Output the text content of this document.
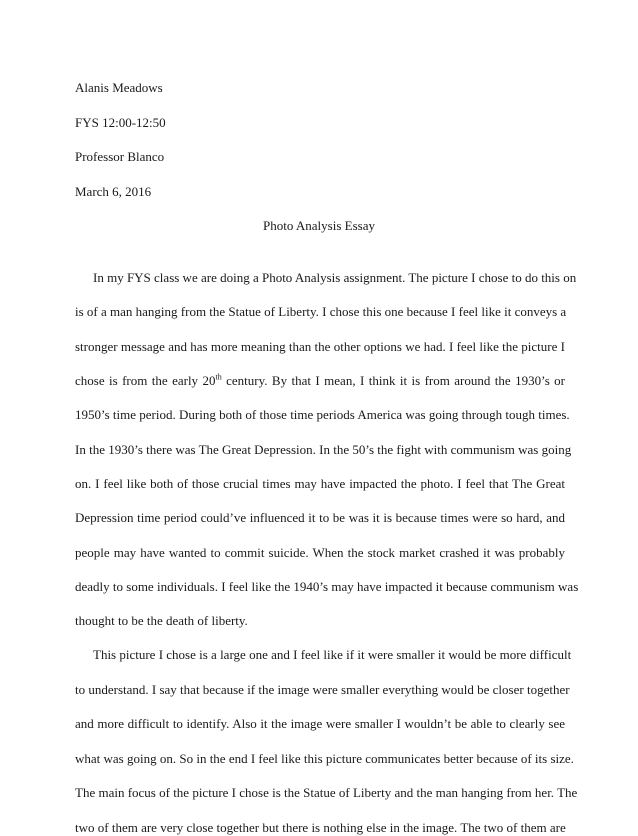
Alanis Meadows
FYS 12:00-12:50
Professor Blanco
March 6, 2016
Photo Analysis Essay
In my FYS class we are doing a Photo Analysis assignment. The picture I chose to do this on
is of a man hanging from the Statue of Liberty. I chose this one because I feel like it conveys a
stronger message and has more meaning than the other options we had. I feel like the picture I
chose is from the early 20th century. By that I mean, I think it is from around the 1930’s or
1950’s time period. During both of those time periods America was going through tough times.
In the 1930’s there was The Great Depression. In the 50’s the fight with communism was going
on. I feel like both of those crucial times may have impacted the photo. I feel that The Great
Depression time period could’ve influenced it to be was it is because times were so hard, and
people may have wanted to commit suicide. When the stock market crashed it was probably
deadly to some individuals. I feel like the 1940’s may have impacted it because communism was
thought to be the death of liberty.
This picture I chose is a large one and I feel like if it were smaller it would be more difficult
to understand. I say that because if the image were smaller everything would be closer together
and more difficult to identify. Also it the image were smaller I wouldn’t be able to clearly see
what was going on. So in the end I feel like this picture communicates better because of its size.
The main focus of the picture I chose is the Statue of Liberty and the man hanging from her. The
two of them are very close together but there is nothing else in the image. The two of them are
